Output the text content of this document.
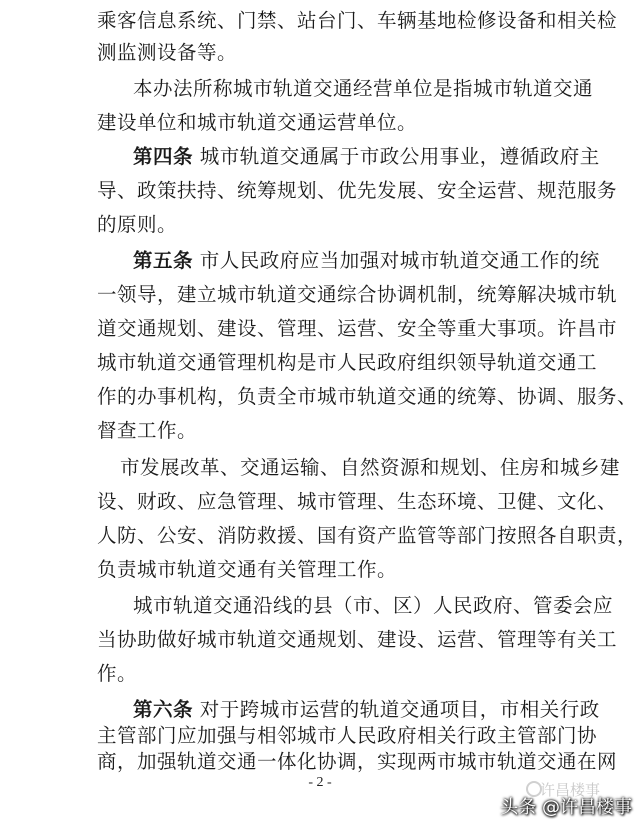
乘客信息系统、门禁、站台门、车辆基地检修设备和相关检
测监测设备等。
本办法所称城市轨道交通经营单位是指城市轨道交通
建设单位和城市轨道交通运营单位。
第四条 城市轨道交通属于市政公用事业，遵循政府主
导、政策扶持、统筹规划、优先发展、安全运营、规范服务
的原则。
第五条 市人民政府应当加强对城市轨道交通工作的统
一领导，建立城市轨道交通综合协调机制，统筹解决城市轨
道交通规划、建设、管理、运营、安全等重大事项。许昌市
城市轨道交通管理机构是市人民政府组织领导轨道交通工
作的办事机构，负责全市城市轨道交通的统筹、协调、服务、
督查工作。
市发展改革、交通运输、自然资源和规划、住房和城乡建
设、财政、应急管理、城市管理、生态环境、卫健、文化、
人防、公安、消防救援、国有资产监管等部门按照各自职责，
负责城市轨道交通有关管理工作。
城市轨道交通沿线的县（市、区）人民政府、管委会应
当协助做好城市轨道交通规划、建设、运营、管理等有关工
作。
第六条 对于跨城市运营的轨道交通项目，市相关行政
主管部门应加强与相邻城市人民政府相关行政主管部门协
- 2 -	许昌楼事
头条 @许昌楼事
商，加强轨道交通一体化协调，实现两市城市轨道交通在网
